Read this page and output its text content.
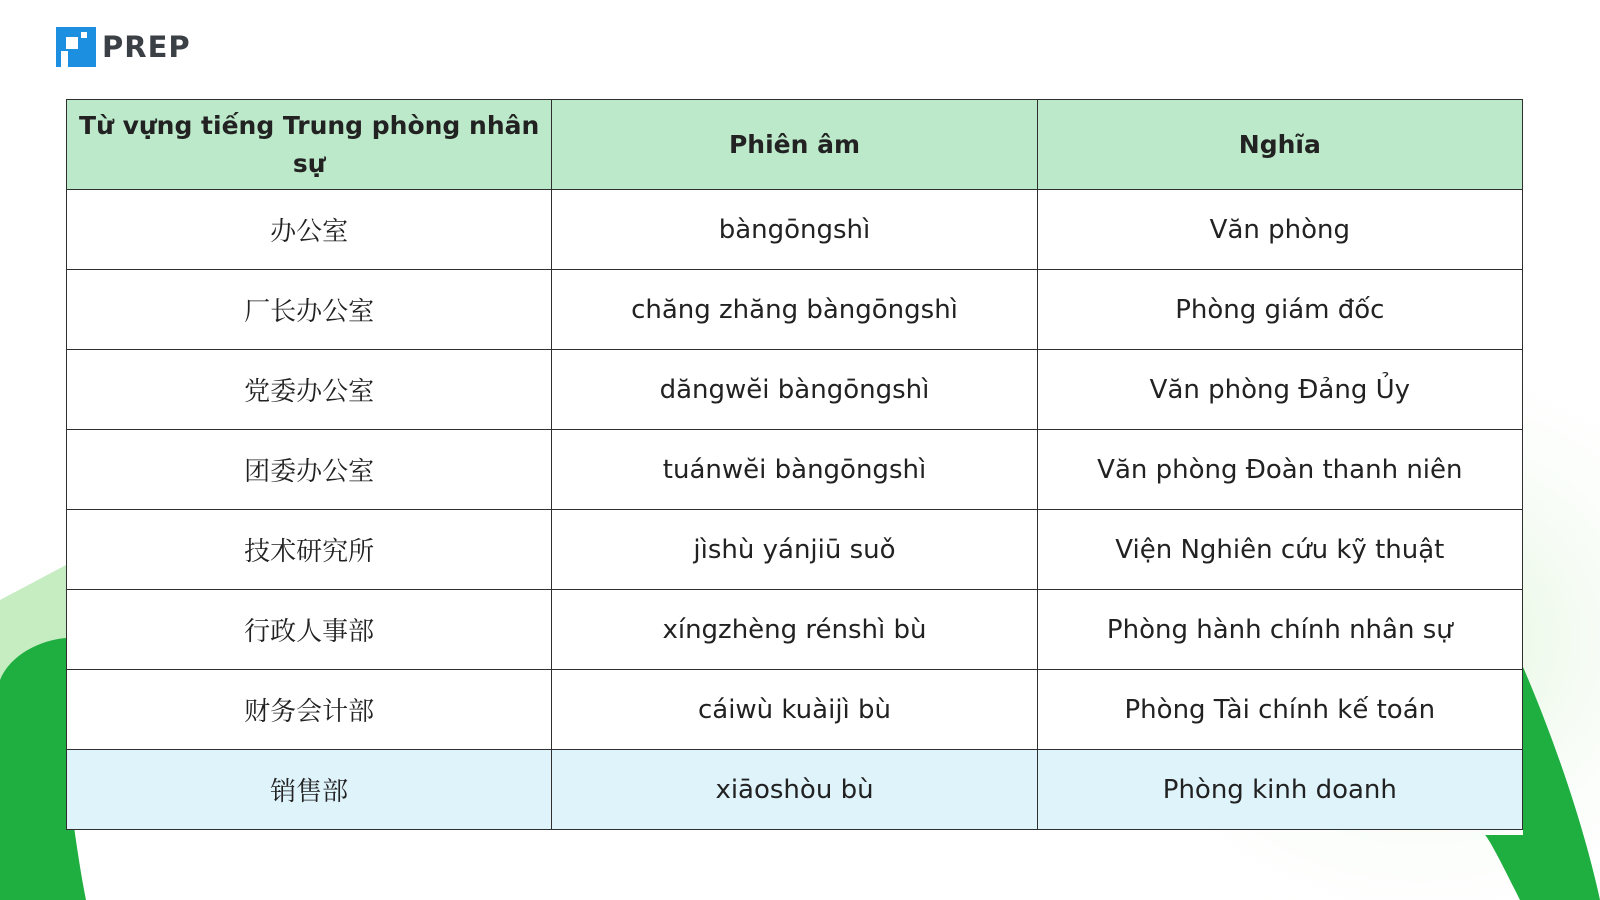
PREP
Từ vựng tiếng Trung phòng nhân sự	Phiên âm	Nghĩa
办公室	bàngōngshì	Văn phòng
厂长办公室	chăng zhăng bàngōngshì	Phòng giám đốc
党委办公室	dăngwĕi bàngōngshì	Văn phòng Đảng Ủy
团委办公室	tuánwĕi bàngōngshì	Văn phòng Đoàn thanh niên
技术研究所	jìshù yánjiū suǒ	Viện Nghiên cứu kỹ thuật
行政人事部	xíngzhèng rénshì bù	Phòng hành chính nhân sự
财务会计部	cáiwù kuàijì bù	Phòng Tài chính kế toán
销售部	xiāoshòu bù	Phòng kinh doanh
